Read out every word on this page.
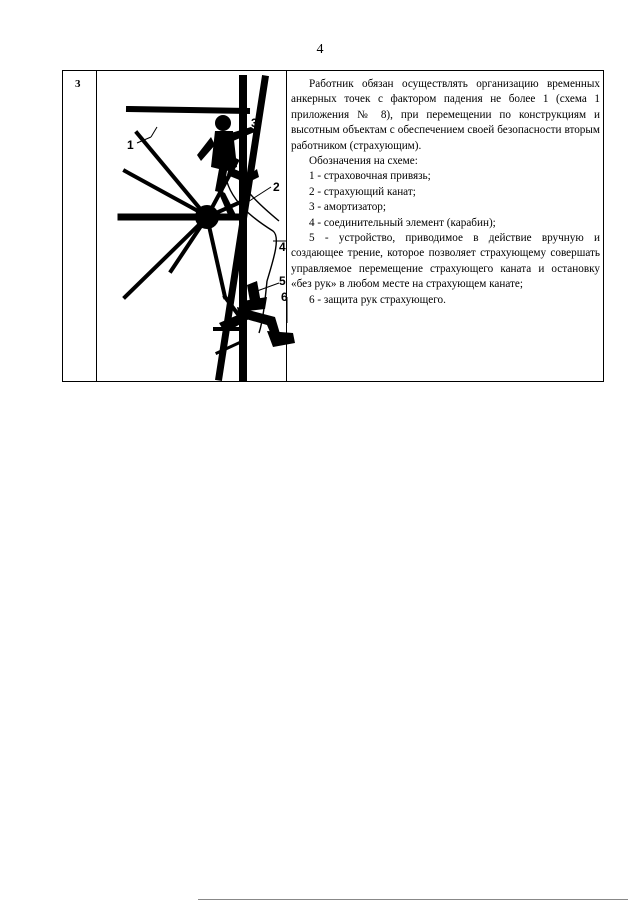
4
3
1
2
3
4
5
6

Работник обязан осуществлять организацию временных анкерных точек с фактором падения не более 1 (схема 1 приложения № 8), при перемещении по конструкциям и высотным объектам с обеспечением своей безопасности вторым работником (страхующим).

Обозначения на схеме:

1 - страховочная привязь;

2 - страхующий канат;

3 - амортизатор;

4 - соединительный элемент (карабин);

5 - устройство, приводимое в действие вручную и создающее трение, которое позволяет страхующему совершать управляемое перемещение страхующего каната и остановку «без рук» в любом месте на страхующем канате;

6 - защита рук страхующего.
